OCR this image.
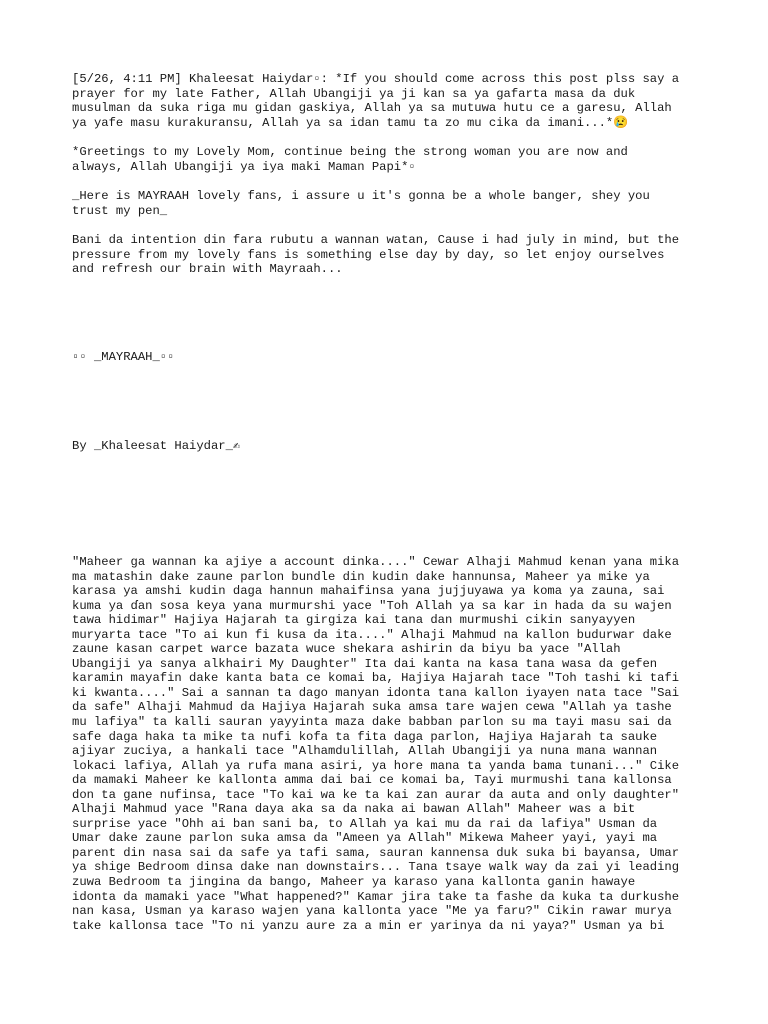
[5/26, 4:11 PM] Khaleesat Haiydar▫: *If you should come across this post plss say a
prayer for my late Father, Allah Ubangiji ya ji kan sa ya gafarta masa da duk
musulman da suka riga mu gidan gaskiya, Allah ya sa mutuwa hutu ce a garesu, Allah
ya yafe masu kurakuransu, Allah ya sa idan tamu ta zo mu cika da imani...*😢

*Greetings to my Lovely Mom, continue being the strong woman you are now and
always, Allah Ubangiji ya iya maki Maman Papi*▫

_Here is MAYRAAH lovely fans, i assure u it's gonna be a whole banger, shey you
trust my pen_

Bani da intention din fara rubutu a wannan watan, Cause i had july in mind, but the
pressure from my lovely fans is something else day by day, so let enjoy ourselves
and refresh our brain with Mayraah...

▫▫ _MAYRAAH_▫▫

By _Khaleesat Haiydar_✍

"Maheer ga wannan ka ajiye a account dinka...." Cewar Alhaji Mahmud kenan yana mika
ma matashin dake zaune parlon bundle din kudin dake hannunsa, Maheer ya mike ya
karasa ya amshi kudin daga hannun mahaifinsa yana jujjuyawa ya koma ya zauna, sai
kuma ya ɗan sosa keya yana murmurshi yace "Toh Allah ya sa kar in hada da su wajen
tawa hidimar" Hajiya Hajarah ta girgiza kai tana dan murmushi cikin sanyayyen
muryarta tace "To ai kun fi kusa da ita...." Alhaji Mahmud na kallon budurwar dake
zaune kasan carpet warce bazata wuce shekara ashirin da biyu ba yace "Allah
Ubangiji ya sanya alkhairi My Daughter" Ita dai kanta na kasa tana wasa da gefen
karamin mayafin dake kanta bata ce komai ba, Hajiya Hajarah tace "Toh tashi ki tafi
ki kwanta...." Sai a sannan ta dago manyan idonta tana kallon iyayen nata tace "Sai
da safe" Alhaji Mahmud da Hajiya Hajarah suka amsa tare wajen cewa "Allah ya tashe
mu lafiya" ta kalli sauran yayyinta maza dake babban parlon su ma tayi masu sai da
safe daga haka ta mike ta nufi kofa ta fita daga parlon, Hajiya Hajarah ta sauke
ajiyar zuciya, a hankali tace "Alhamdulillah, Allah Ubangiji ya nuna mana wannan
lokaci lafiya, Allah ya rufa mana asiri, ya hore mana ta yanda bama tunani..." Cike
da mamaki Maheer ke kallonta amma dai bai ce komai ba, Tayi murmushi tana kallonsa
don ta gane nufinsa, tace "To kai wa ke ta kai zan aurar da auta and only daughter"
Alhaji Mahmud yace "Rana daya aka sa da naka ai bawan Allah" Maheer was a bit
surprise yace "Ohh ai ban sani ba, to Allah ya kai mu da rai da lafiya" Usman da
Umar dake zaune parlon suka amsa da "Ameen ya Allah" Mikewa Maheer yayi, yayi ma
parent din nasa sai da safe ya tafi sama, sauran kannensa duk suka bi bayansa, Umar
ya shige Bedroom dinsa dake nan downstairs... Tana tsaye walk way da zai yi leading
zuwa Bedroom ta jingina da bango, Maheer ya karaso yana kallonta ganin hawaye
idonta da mamaki yace "What happened?" Kamar jira take ta fashe da kuka ta durkushe
nan kasa, Usman ya karaso wajen yana kallonta yace "Me ya faru?" Cikin rawar murya
take kallonsa tace "To ni yanzu aure za a min er yarinya da ni yaya?" Usman ya bi
